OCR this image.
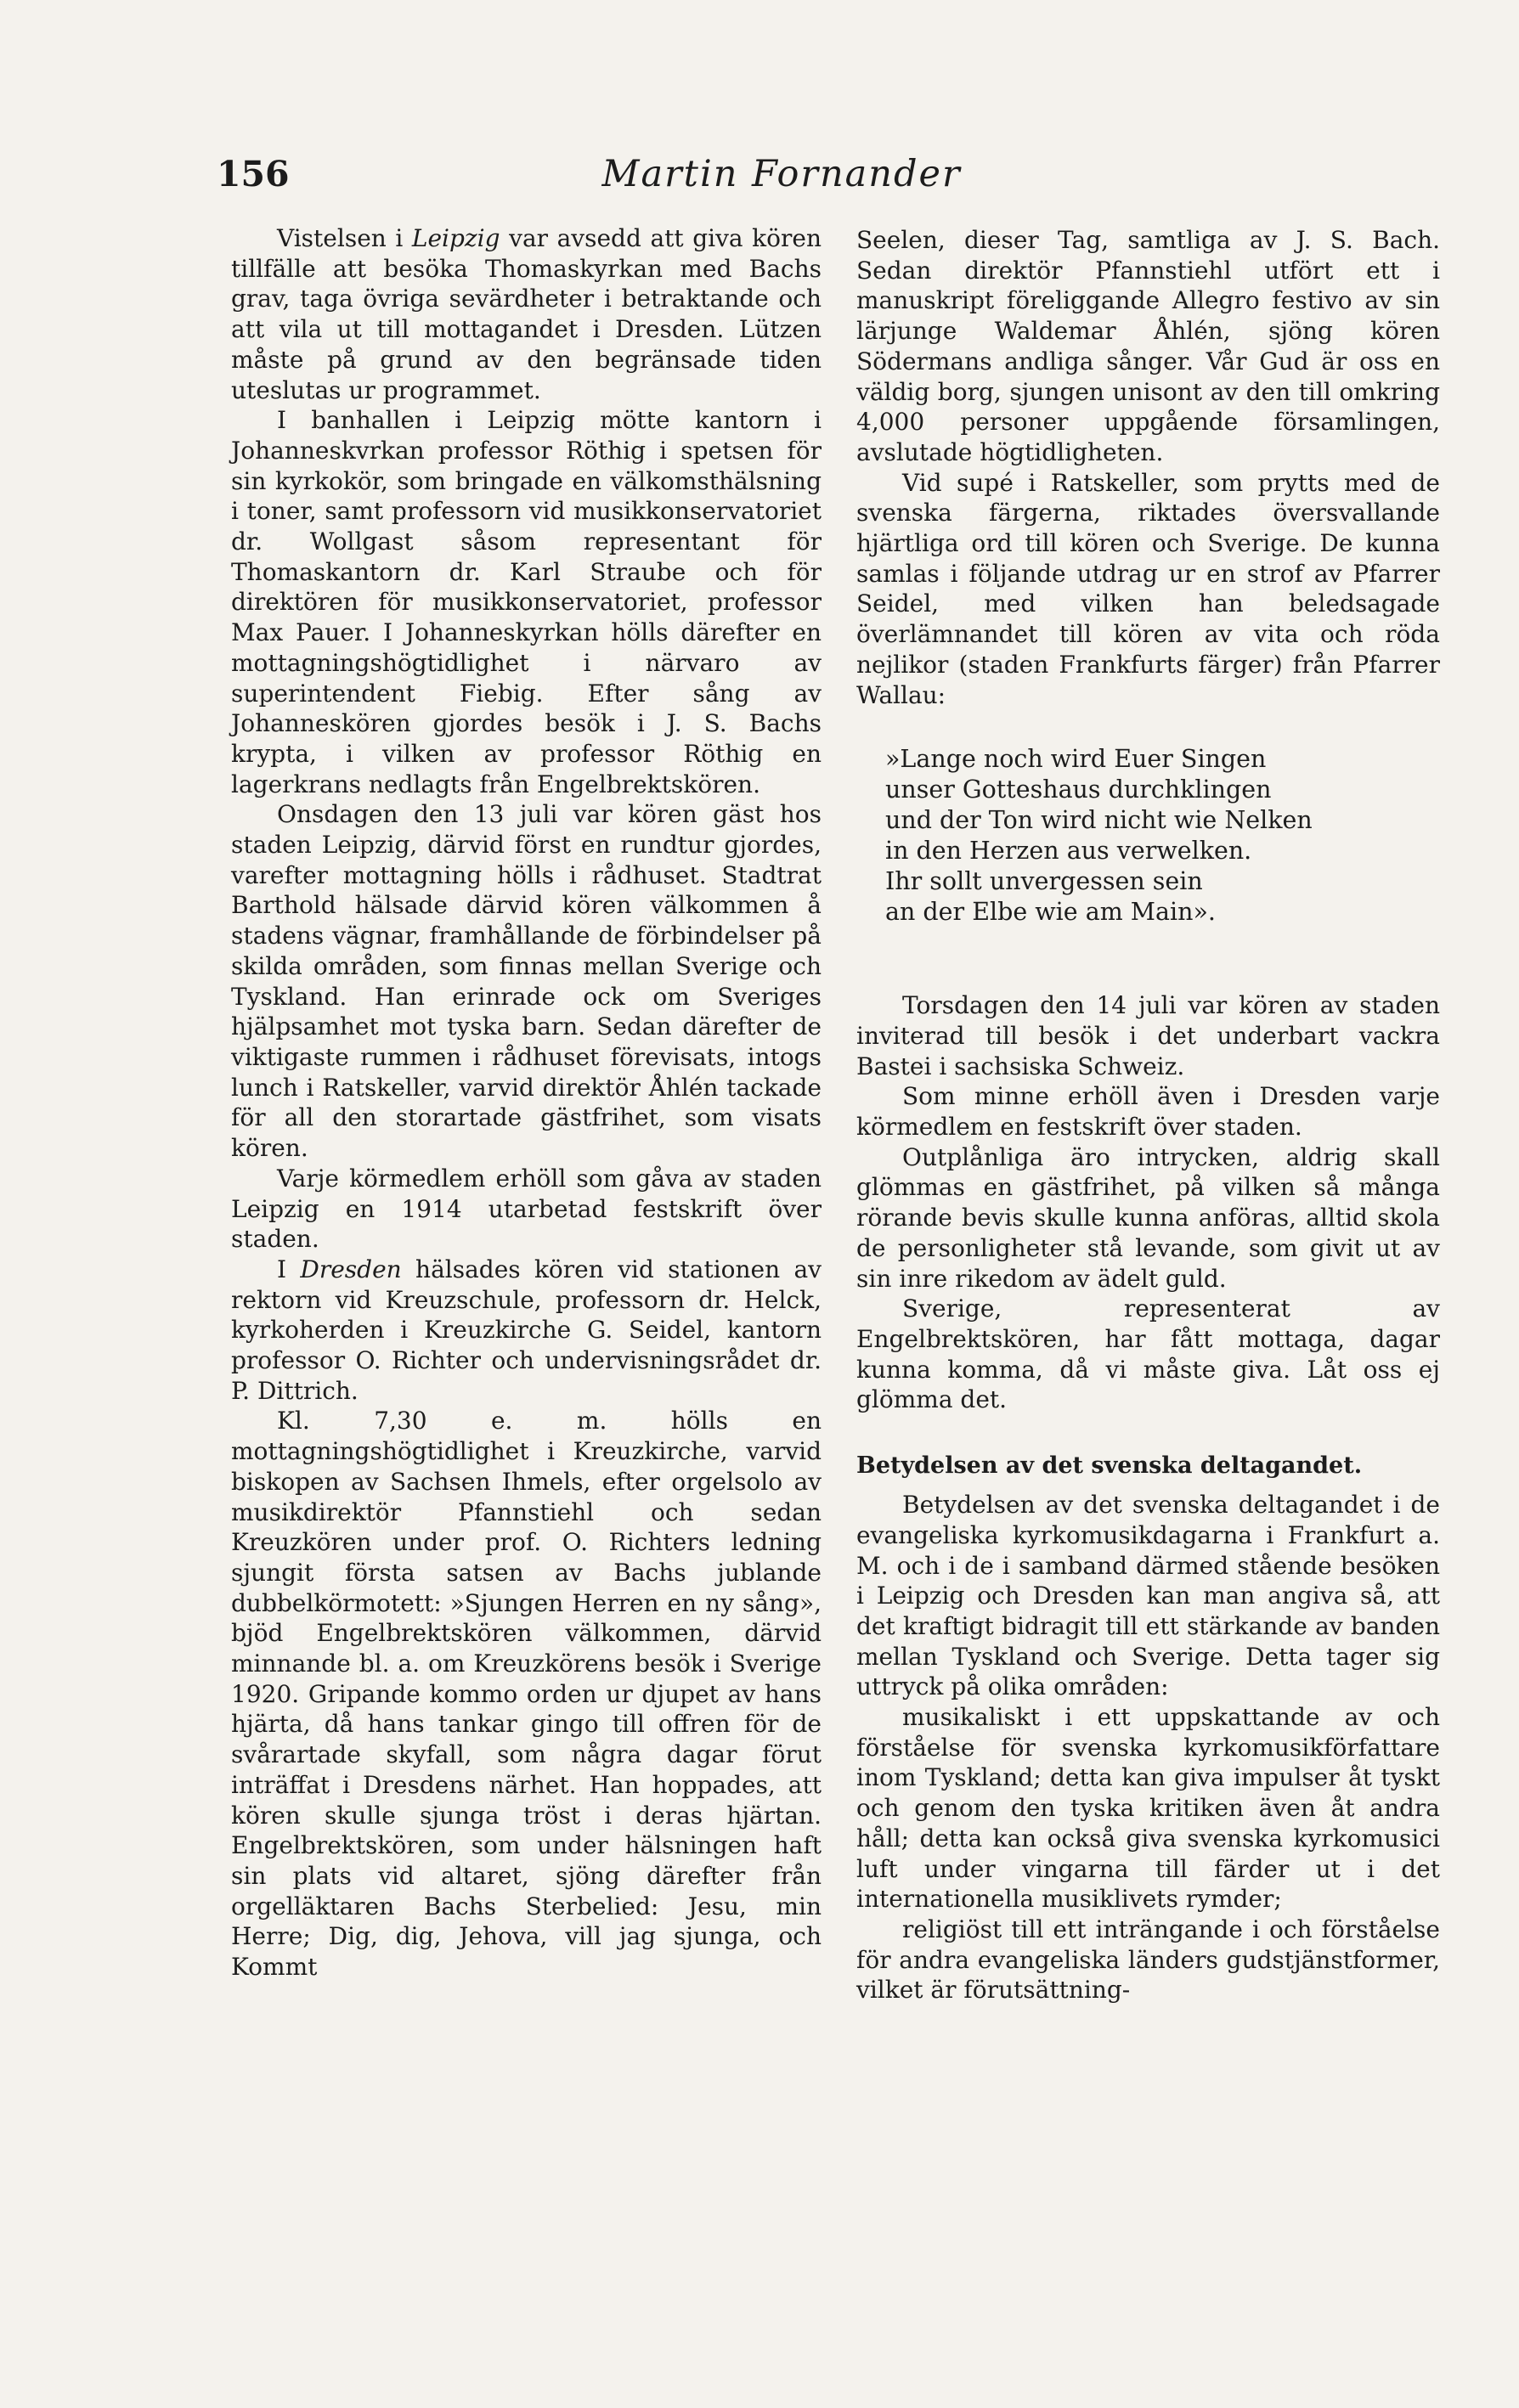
156	Martin Fornander

Vistelsen i Leipzig var avsedd att giva kören tillfälle att besöka Thomaskyrkan med Bachs grav, taga övriga sevärdheter i betraktande och att vila ut till mottagandet i Dresden. Lützen måste på grund av den begränsade tiden uteslutas ur programmet.

I banhallen i Leipzig mötte kantorn i Johanneskvrkan professor Röthig i spetsen för sin kyrkokör, som bringade en välkomsthälsning i toner, samt professorn vid musikkonservatoriet dr. Wollgast såsom representant för Thomaskantorn dr. Karl Straube och för direktören för musikkonservatoriet, professor Max Pauer. I Johanneskyrkan hölls därefter en mottagningshögtidlighet i närvaro av superintendent Fiebig. Efter sång av Johanneskören gjordes besök i J. S. Bachs krypta, i vilken av professor Röthig en lagerkrans nedlagts från Engelbrektskören.

Onsdagen den 13 juli var kören gäst hos staden Leipzig, därvid först en rundtur gjordes, varefter mottagning hölls i rådhuset. Stadtrat Barthold hälsade därvid kören välkommen å stadens vägnar, framhållande de förbindelser på skilda områden, som finnas mellan Sverige och Tyskland. Han erinrade ock om Sveriges hjälpsamhet mot tyska barn. Sedan därefter de viktigaste rummen i rådhuset förevisats, intogs lunch i Ratskeller, varvid direktör Åhlén tackade för all den storartade gästfrihet, som visats kören.

Varje körmedlem erhöll som gåva av staden Leipzig en 1914 utarbetad festskrift över staden.

I Dresden hälsades kören vid stationen av rektorn vid Kreuzschule, professorn dr. Helck, kyrkoherden i Kreuzkirche G. Seidel, kantorn professor O. Richter och undervisningsrådet dr. P. Dittrich.

Kl. 7,30 e. m. hölls en mottagningshögtidlighet i Kreuzkirche, varvid biskopen av Sachsen Ihmels, efter orgelsolo av musikdirektör Pfannstiehl och sedan Kreuzkören under prof. O. Richters ledning sjungit första satsen av Bachs jublande dubbelkörmotett: »Sjungen Herren en ny sång», bjöd Engelbrektskören välkommen, därvid minnande bl. a. om Kreuzkörens besök i Sverige 1920. Gripande kommo orden ur djupet av hans hjärta, då hans tankar gingo till offren för de svårartade skyfall, som några dagar förut inträffat i Dresdens närhet. Han hoppades, att kören skulle sjunga tröst i deras hjärtan. Engelbrektskören, som under hälsningen haft sin plats vid altaret, sjöng därefter från orgelläktaren Bachs Sterbelied: Jesu, min Herre; Dig, dig, Jehova, vill jag sjunga, och Kommt

Seelen, dieser Tag, samtliga av J. S. Bach. Sedan direktör Pfannstiehl utfört ett i manuskript föreliggande Allegro festivo av sin lärjunge Waldemar Åhlén, sjöng kören Södermans andliga sånger. Vår Gud är oss en väldig borg, sjungen unisont av den till omkring 4,000 personer uppgående församlingen, avslutade högtidligheten.

Vid supé i Ratskeller, som prytts med de svenska färgerna, riktades översvallande hjärtliga ord till kören och Sverige. De kunna samlas i följande utdrag ur en strof av Pfarrer Seidel, med vilken han beledsagade överlämnandet till kören av vita och röda nejlikor (staden Frankfurts färger) från Pfarrer Wallau:

»Lange noch wird Euer Singen
unser Gotteshaus durchklingen
und der Ton wird nicht wie Nelken
in den Herzen aus verwelken.
Ihr sollt unvergessen sein
an der Elbe wie am Main».

Torsdagen den 14 juli var kören av staden inviterad till besök i det underbart vackra Bastei i sachsiska Schweiz.

Som minne erhöll även i Dresden varje körmedlem en festskrift över staden.

Outplånliga äro intrycken, aldrig skall glömmas en gästfrihet, på vilken så många rörande bevis skulle kunna anföras, alltid skola de personligheter stå levande, som givit ut av sin inre rikedom av ädelt guld.

Sverige, representerat av Engelbrektskören, har fått mottaga, dagar kunna komma, då vi måste giva. Låt oss ej glömma det.

Betydelsen av det svenska deltagandet.

Betydelsen av det svenska deltagandet i de evangeliska kyrkomusikdagarna i Frankfurt a. M. och i de i samband därmed stående besöken i Leipzig och Dresden kan man angiva så, att det kraftigt bidragit till ett stärkande av banden mellan Tyskland och Sverige. Detta tager sig uttryck på olika områden:

musikaliskt i ett uppskattande av och förståelse för svenska kyrkomusikförfattare inom Tyskland; detta kan giva impulser åt tyskt och genom den tyska kritiken även åt andra håll; detta kan också giva svenska kyrkomusici luft under vingarna till färder ut i det internationella musiklivets rymder;

religiöst till ett inträngande i och förståelse för andra evangeliska länders gudstjänstformer, vilket är förutsättning-
